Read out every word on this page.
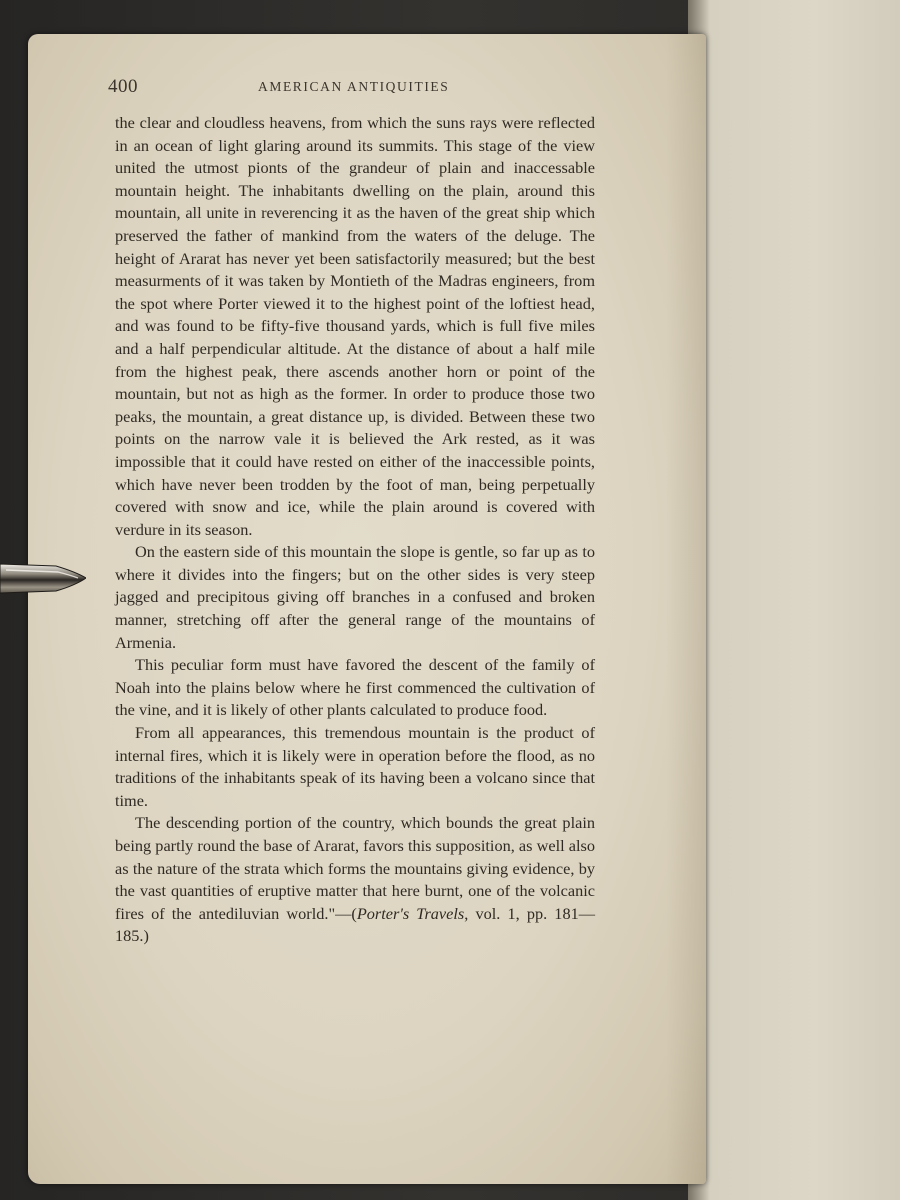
400	AMERICAN ANTIQUITIES

the clear and cloudless heavens, from which the suns rays were reflected in an ocean of light glaring around its summits. This stage of the view united the utmost pionts of the grandeur of plain and inaccessable mountain height. The inhabitants dwelling on the plain, around this mountain, all unite in reverencing it as the haven of the great ship which preserved the father of mankind from the waters of the deluge. The height of Ararat has never yet been satisfactorily measured; but the best measurments of it was taken by Montieth of the Madras engineers, from the spot where Porter viewed it to the highest point of the loftiest head, and was found to be fifty-five thousand yards, which is full five miles and a half perpendicular altitude. At the distance of about a half mile from the highest peak, there ascends another horn or point of the mountain, but not as high as the former. In order to produce those two peaks, the mountain, a great distance up, is divided. Between these two points on the narrow vale it is believed the Ark rested, as it was impossible that it could have rested on either of the inaccessible points, which have never been trodden by the foot of man, being perpetually covered with snow and ice, while the plain around is covered with verdure in its season.

On the eastern side of this mountain the slope is gentle, so far up as to where it divides into the fingers; but on the other sides is very steep jagged and precipitous giving off branches in a confused and broken manner, stretching off after the general range of the mountains of Armenia.

This peculiar form must have favored the descent of the family of Noah into the plains below where he first commenced the cultivation of the vine, and it is likely of other plants calculated to produce food.

From all appearances, this tremendous mountain is the product of internal fires, which it is likely were in operation before the flood, as no traditions of the inhabitants speak of its having been a volcano since that time.

The descending portion of the country, which bounds the great plain being partly round the base of Ararat, favors this supposition, as well also as the nature of the strata which forms the mountains giving evidence, by the vast quantities of eruptive matter that here burnt, one of the volcanic fires of the antediluvian world."—(Porter's Travels, vol. 1, pp. 181—185.)
